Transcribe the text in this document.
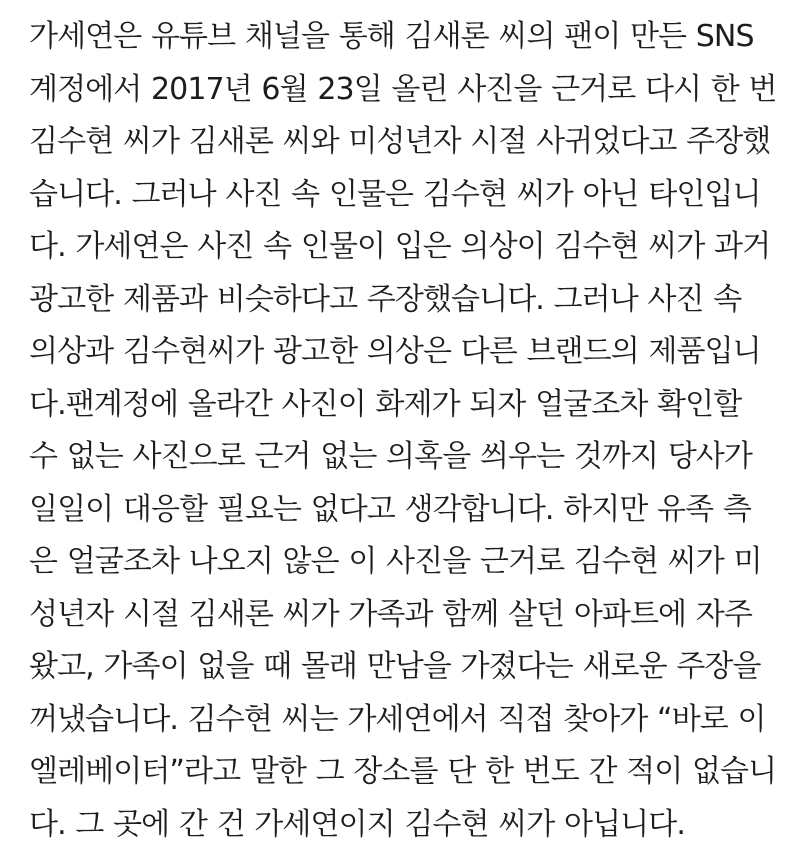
가세연은 유튜브 채널을 통해 김새론 씨의 팬이 만든 SNS
계정에서 2017년 6월 23일 올린 사진을 근거로 다시 한 번
김수현 씨가 김새론 씨와 미성년자 시절 사귀었다고 주장했
습니다. 그러나 사진 속 인물은 김수현 씨가 아닌 타인입니
다. 가세연은 사진 속 인물이 입은 의상이 김수현 씨가 과거
광고한 제품과 비슷하다고 주장했습니다. 그러나 사진 속
의상과 김수현씨가 광고한 의상은 다른 브랜드의 제품입니
다.팬계정에 올라간 사진이 화제가 되자 얼굴조차 확인할
수 없는 사진으로 근거 없는 의혹을 씌우는 것까지 당사가
일일이 대응할 필요는 없다고 생각합니다. 하지만 유족 측
은 얼굴조차 나오지 않은 이 사진을 근거로 김수현 씨가 미
성년자 시절 김새론 씨가 가족과 함께 살던 아파트에 자주
왔고, 가족이 없을 때 몰래 만남을 가졌다는 새로운 주장을
꺼냈습니다. 김수현 씨는 가세연에서 직접 찾아가 “바로 이
엘레베이터”라고 말한 그 장소를 단 한 번도 간 적이 없습니
다. 그 곳에 간 건 가세연이지 김수현 씨가 아닙니다.
